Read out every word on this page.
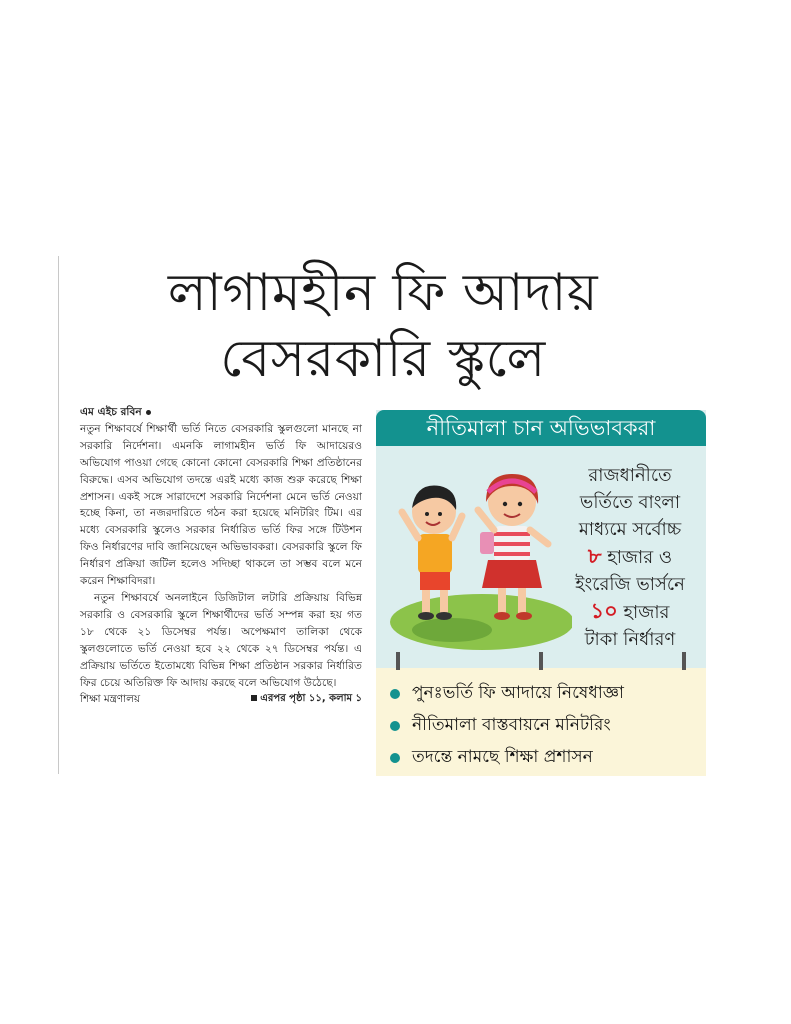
লাগামহীন ফি আদায়
বেসরকারি স্কুলে
এম এইচ রবিন

নতুন শিক্ষাবর্ষে শিক্ষার্থী ভর্তি নিতে বেসরকারি স্কুলগুলো মানছে না সরকারি নির্দেশনা। এমনকি লাগামহীন ভর্তি ফি আদায়েরও অভিযোগ পাওয়া গেছে কোনো কোনো বেসরকারি শিক্ষা প্রতিষ্ঠানের বিরুদ্ধে। এসব অভিযোগ তদন্তে এরই মধ্যে কাজ শুরু করেছে শিক্ষা প্রশাসন। একই সঙ্গে সারাদেশে সরকারি নির্দেশনা মেনে ভর্তি নেওয়া হচ্ছে কিনা, তা নজরদারিতে গঠন করা হয়েছে মনিটরিং টিম। এর মধ্যে বেসরকারি স্কুলেও সরকার নির্ধারিত ভর্তি ফির সঙ্গে টিউশন ফিও নির্ধারণের দাবি জানিয়েছেন অভিভাবকরা। বেসরকারি স্কুলে ফি নির্ধারণ প্রক্রিয়া জটিল হলেও সদিচ্ছা থাকলে তা সম্ভব বলে মনে করেন শিক্ষাবিদরা।

নতুন শিক্ষাবর্ষে অনলাইনে ডিজিটাল লটারি প্রক্রিয়ায় বিভিন্ন সরকারি ও বেসরকারি স্কুলে শিক্ষার্থীদের ভর্তি সম্পন্ন করা হয় গত ১৮ থেকে ২১ ডিসেম্বর পর্যন্ত। অপেক্ষমাণ তালিকা থেকে স্কুলগুলোতে ভর্তি নেওয়া হবে ২২ থেকে ২৭ ডিসেম্বর পর্যন্ত। এ প্রক্রিয়ায় ভর্তিতে ইতোমধ্যে বিভিন্ন শিক্ষা প্রতিষ্ঠান সরকার নির্ধারিত ফির চেয়ে অতিরিক্ত ফি আদায় করছে বলে অভিযোগ উঠেছে।

শিক্ষা মন্ত্রণালয়	এরপর পৃষ্ঠা ১১, কলাম ১
নীতিমালা চান অভিভাবকরা
রাজধানীতে
ভর্তিতে বাংলা
মাধ্যমে সর্বোচ্চ
৮ হাজার ও
ইংরেজি ভার্সনে
১০ হাজার
টাকা নির্ধারণ
পুনঃভর্তি ফি আদায়ে নিষেধাজ্ঞা
নীতিমালা বাস্তবায়নে মনিটরিং
তদন্তে নামছে শিক্ষা প্রশাসন
